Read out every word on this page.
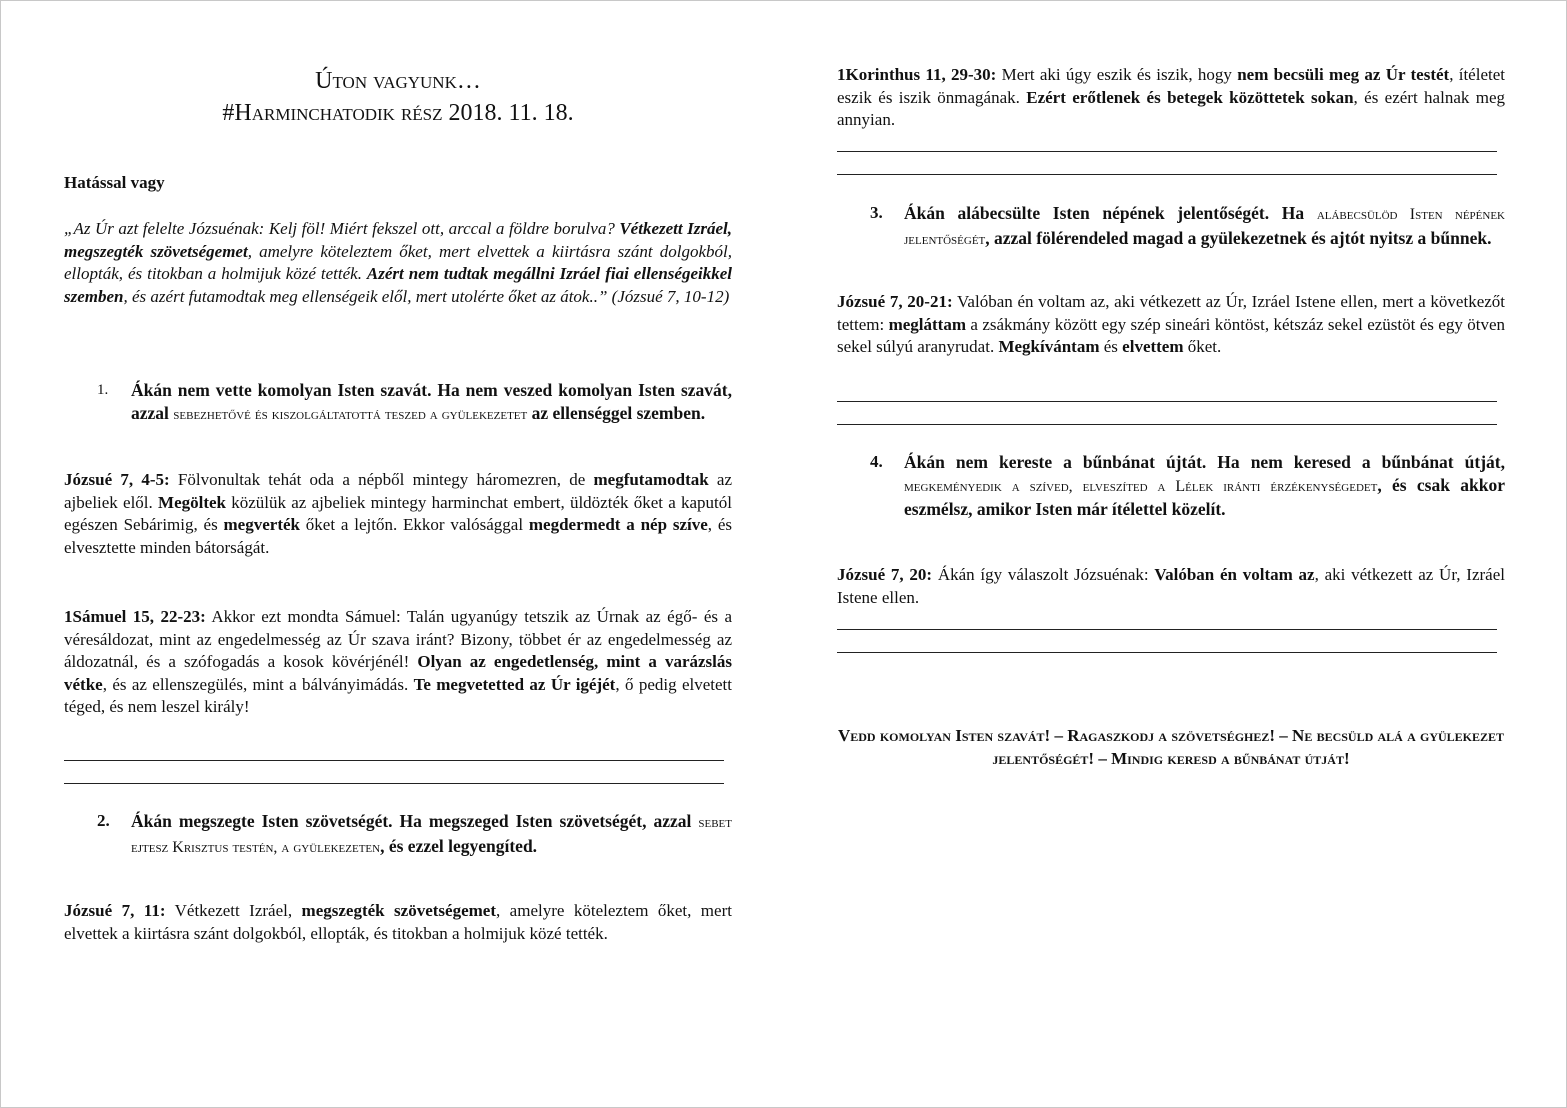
Úton vagyunk…
#Harminchatodik rész 2018. 11. 18.
Hatással vagy

„Az Úr azt felelte Józsuénak: Kelj föl! Miért fekszel ott, arccal a földre borulva? Vétkezett Izráel, megszegték szövetségemet, amelyre köteleztem őket, mert elvettek a kiirtásra szánt dolgokból, ellopták, és titokban a holmijuk közé tették. Azért nem tudtak megállni Izráel fiai ellenségeikkel szemben, és azért futamodtak meg ellenségeik elől, mert utolérte őket az átok..” (Józsué 7, 10-12)

1. Ákán nem vette komolyan Isten szavát. Ha nem veszed komolyan Isten szavát, azzal sebezhetővé és kiszolgáltatottá teszed a gyülekezetet az ellenséggel szemben.

Józsué 7, 4-5: Fölvonultak tehát oda a népből mintegy háromezren, de megfutamodtak az ajbeliek elől. Megöltek közülük az ajbeliek mintegy harminchat embert, üldözték őket a kaputól egészen Sebárimig, és megverték őket a lejtőn. Ekkor valósággal megdermedt a nép szíve, és elvesztette minden bátorságát.

1Sámuel 15, 22-23: Akkor ezt mondta Sámuel: Talán ugyanúgy tetszik az Úrnak az égő- és a véresáldozat, mint az engedelmesség az Úr szava iránt? Bizony, többet ér az engedelmesség az áldozatnál, és a szófogadás a kosok kövérjénél! Olyan az engedetlenség, mint a varázslás vétke, és az ellenszegülés, mint a bálványimádás. Te megvetetted az Úr igéjét, ő pedig elvetett téged, és nem leszel király!

2. Ákán megszegte Isten szövetségét. Ha megszeged Isten szövetségét, azzal sebet ejtesz Krisztus testén, a gyülekezeten, és ezzel legyengíted.

Józsué 7, 11: Vétkezett Izráel, megszegték szövetségemet, amelyre köteleztem őket, mert elvettek a kiirtásra szánt dolgokból, ellopták, és titokban a holmijuk közé tették.

1Korinthus 11, 29-30: Mert aki úgy eszik és iszik, hogy nem becsüli meg az Úr testét, ítéletet eszik és iszik önmagának. Ezért erőtlenek és betegek közöttetek sokan, és ezért halnak meg annyian.

3. Ákán alábecsülte Isten népének jelentőségét. Ha alábecsülöd Isten népének jelentőségét, azzal fölérendeled magad a gyülekezetnek és ajtót nyitsz a bűnnek.

Józsué 7, 20-21: Valóban én voltam az, aki vétkezett az Úr, Izráel Istene ellen, mert a következőt tettem: megláttam a zsákmány között egy szép sineári köntöst, kétszáz sekel ezüstöt és egy ötven sekel súlyú aranyrudat. Megkívántam és elvettem őket.

4. Ákán nem kereste a bűnbánat újtát. Ha nem keresed a bűnbánat útját, megkeményedik a szíved, elveszíted a Lélek iránti érzékenységedet, és csak akkor eszmélsz, amikor Isten már ítélettel közelít.

Józsué 7, 20: Ákán így válaszolt Józsuénak: Valóban én voltam az, aki vétkezett az Úr, Izráel Istene ellen.

Vedd komolyan Isten szavát! – Ragaszkodj a szövetséghez! – Ne becsüld alá a gyülekezet jelentőségét! – Mindig keresd a bűnbánat útját!
